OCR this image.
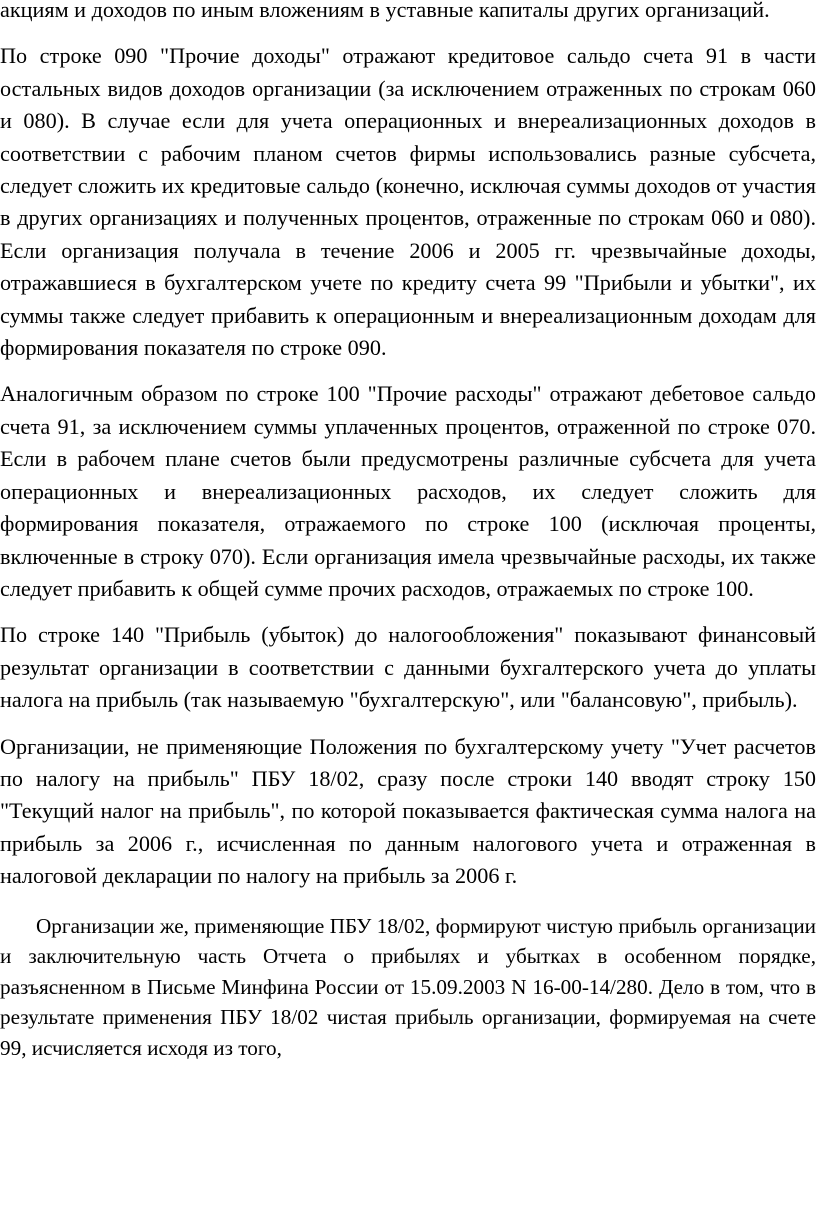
акциям и доходов по иным вложениям в уставные капиталы других организаций.

По строке 090 "Прочие доходы" отражают кредитовое сальдо счета 91 в части остальных видов доходов организации (за исключением отраженных по строкам 060 и 080). В случае если для учета операционных и внереализационных доходов в соответствии с рабочим планом счетов фирмы использовались разные субсчета, следует сложить их кредитовые сальдо (конечно, исключая суммы доходов от участия в других организациях и полученных процентов, отраженные по строкам 060 и 080). Если организация получала в течение 2006 и 2005 гг. чрезвычайные доходы, отражавшиеся в бухгалтерском учете по кредиту счета 99 "Прибыли и убытки", их суммы также следует прибавить к операционным и внереализационным доходам для формирования показателя по строке 090.

Аналогичным образом по строке 100 "Прочие расходы" отражают дебетовое сальдо счета 91, за исключением суммы уплаченных процентов, отраженной по строке 070. Если в рабочем плане счетов были предусмотрены различные субсчета для учета операционных и внереализационных расходов, их следует сложить для формирования показателя, отражаемого по строке 100 (исключая проценты, включенные в строку 070). Если организация имела чрезвычайные расходы, их также следует прибавить к общей сумме прочих расходов, отражаемых по строке 100.

По строке 140 "Прибыль (убыток) до налогообложения" показывают финансовый результат организации в соответствии с данными бухгалтерского учета до уплаты налога на прибыль (так называемую "бухгалтерскую", или "балансовую", прибыль).

Организации, не применяющие Положения по бухгалтерскому учету "Учет расчетов по налогу на прибыль" ПБУ 18/02, сразу после строки 140 вводят строку 150 "Текущий налог на прибыль", по которой показывается фактическая сумма налога на прибыль за 2006 г., исчисленная по данным налогового учета и отраженная в налоговой декларации по налогу на прибыль за 2006 г.

Организации же, применяющие ПБУ 18/02, формируют чистую прибыль организации и заключительную часть Отчета о прибылях и убытках в особенном порядке, разъясненном в Письме Минфина России от 15.09.2003 N 16-00-14/280. Дело в том, что в результате применения ПБУ 18/02 чистая прибыль организации, формируемая на счете 99, исчисляется исходя из того,
